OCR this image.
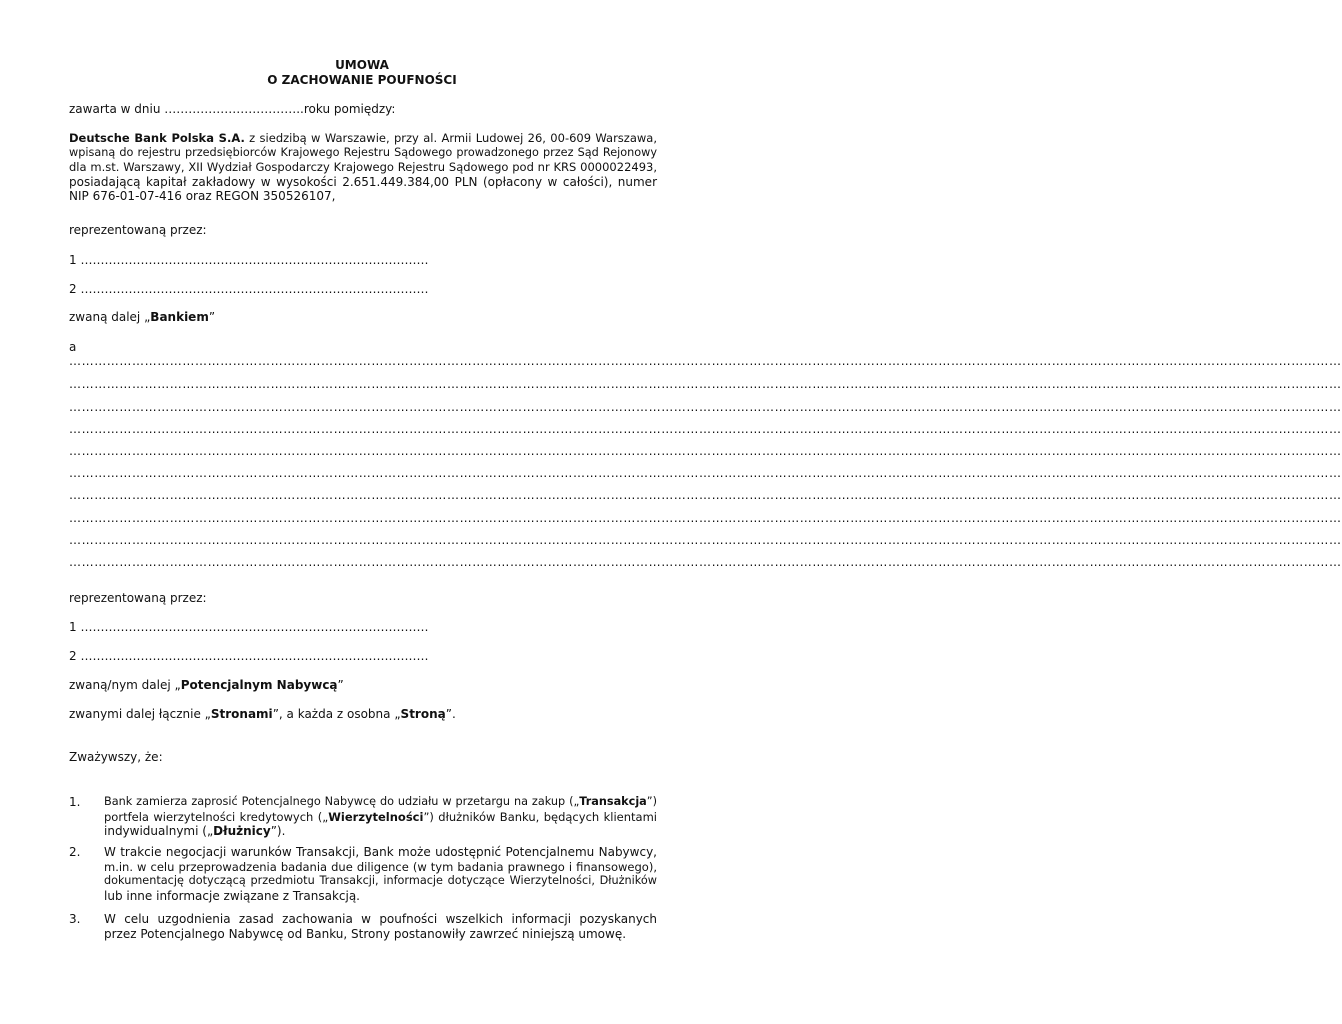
UMOWA
O ZACHOWANIE POUFNOŚCI
zawarta w dniu ……………………………..roku pomiędzy:
Deutsche Bank Polska S.A. z siedzibą w Warszawie, przy al. Armii Ludowej 26, 00-609 Warszawa,
wpisaną do rejestru przedsiębiorców Krajowego Rejestru Sądowego prowadzonego przez Sąd Rejonowy
dla m.st. Warszawy, XII Wydział Gospodarczy Krajowego Rejestru Sądowego pod nr KRS 0000022493,
posiadającą kapitał zakładowy w wysokości 2.651.449.384,00 PLN (opłacony w całości), numer
NIP 676-01-07-416 oraz REGON 350526107,
reprezentowaną przez:
1 ……………………………………………………………………………
2 ……………………………………………………………………………
zwaną dalej „Bankiem”
a
……………………………………………………………………………………………………………………………………………………………………………………………………………………………………………………………………………
……………………………………………………………………………………………………………………………………………………………………………………………………………………………………………………………………………
……………………………………………………………………………………………………………………………………………………………………………………………………………………………………………………………………………
……………………………………………………………………………………………………………………………………………………………………………………………………………………………………………………………………………
……………………………………………………………………………………………………………………………………………………………………………………………………………………………………………………………………………
……………………………………………………………………………………………………………………………………………………………………………………………………………………………………………………………………………
……………………………………………………………………………………………………………………………………………………………………………………………………………………………………………………………………………
……………………………………………………………………………………………………………………………………………………………………………………………………………………………………………………………………………
……………………………………………………………………………………………………………………………………………………………………………………………………………………………………………………………………………
……………………………………………………………………………………………………………………………………………………………………………………………………………………………………………………………………………
reprezentowaną przez:
1 ……………………………………………………………………………
2 ……………………………………………………………………………
zwaną/nym dalej „Potencjalnym Nabywcą”
zwanymi dalej łącznie „Stronami”, a każda z osobna „Stroną”.
Zważywszy, że:
1. Bank zamierza zaprosić Potencjalnego Nabywcę do udziału w przetargu na zakup („Transakcja”)
portfela wierzytelności kredytowych („Wierzytelności”) dłużników Banku, będących klientami
indywidualnymi („Dłużnicy”).
2. W trakcie negocjacji warunków Transakcji, Bank może udostępnić Potencjalnemu Nabywcy,
m.in. w celu przeprowadzenia badania due diligence (w tym badania prawnego i finansowego),
dokumentację dotyczącą przedmiotu Transakcji, informacje dotyczące Wierzytelności, Dłużników
lub inne informacje związane z Transakcją.
3. W celu uzgodnienia zasad zachowania w poufności wszelkich informacji pozyskanych
przez Potencjalnego Nabywcę od Banku, Strony postanowiły zawrzeć niniejszą umowę.
